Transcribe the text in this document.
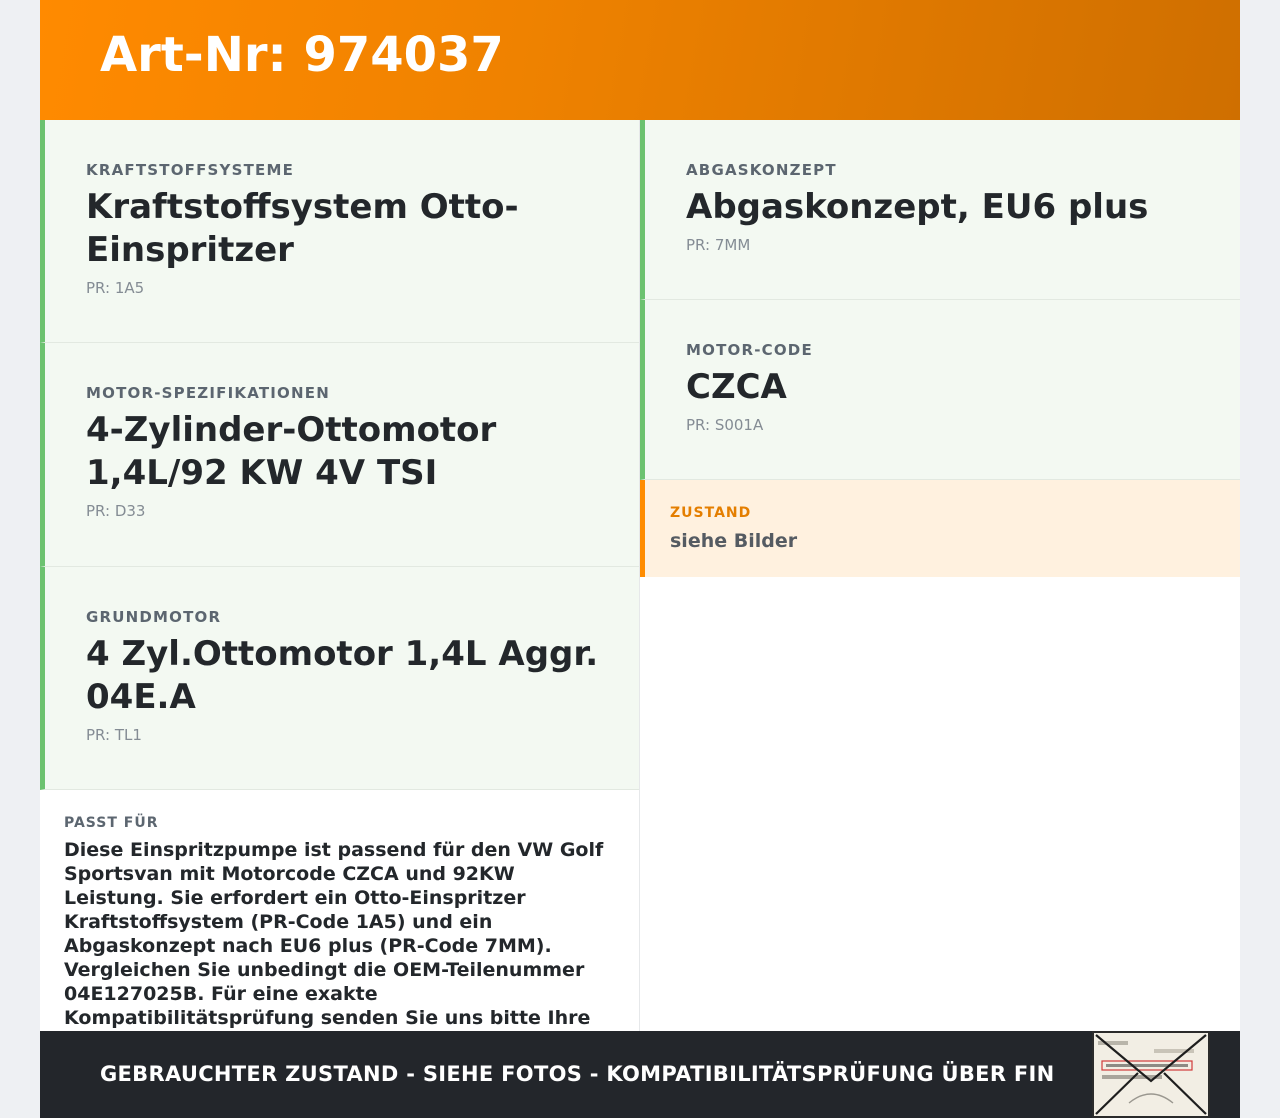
Art-Nr: 974037

KRAFTSTOFFSYSTEME

Kraftstoffsystem Otto-Einspritzer

PR: 1A5

MOTOR-SPEZIFIKATIONEN

4-Zylinder-Ottomotor 1,4L/92 KW 4V TSI

PR: D33

GRUNDMOTOR

4 Zyl.Ottomotor 1,4L Aggr. 04E.A

PR: TL1

PASST FÜR

Diese Einspritzpumpe ist passend für den VW Golf Sportsvan mit Motorcode CZCA und 92KW Leistung. Sie erfordert ein Otto-Einspritzer Kraftstoffsystem (PR-Code 1A5) und ein Abgaskonzept nach EU6 plus (PR-Code 7MM). Vergleichen Sie unbedingt die OEM-Teilenummer 04E127025B. Für eine exakte Kompatibilitätsprüfung senden Sie uns bitte Ihre

ABGASKONZEPT

Abgaskonzept, EU6 plus

PR: 7MM

MOTOR-CODE

CZCA

PR: S001A

ZUSTAND

siehe Bilder

GEBRAUCHTER ZUSTAND - SIEHE FOTOS - KOMPATIBILITÄTSPRÜFUNG ÜBER FIN
